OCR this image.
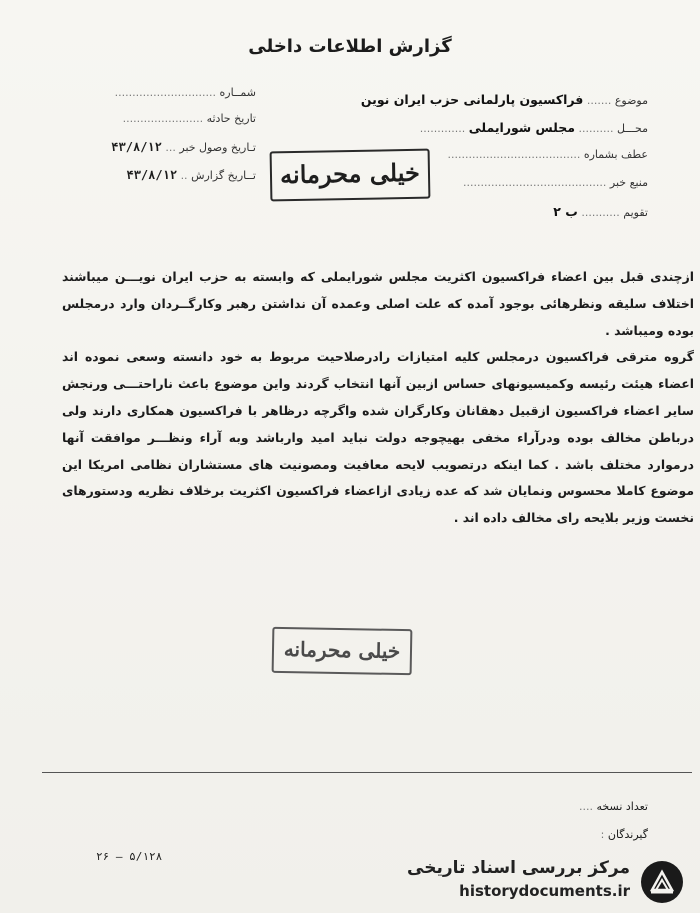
گزارش اطلاعات داخلی
موضوع ....... فراکسیون پارلمانی حزب ایران نوین
محـــل .......... مجلس شورایملی .............
عطف بشماره ......................................
منبع خبر .........................................
تقویم ........... ب ۲
شمــاره .............................
تاریخ حادثه .......................
تـاریخ وصول خبر ... ۴۳/۸/۱۲
تــاریخ گزارش .. ۴۳/۸/۱۲	خیلی محرمانه

ازچندی قبل بین اعضاء فراکسیون اکثریت مجلس شورایملی که وابسته به حزب ایران نویـــن میباشند اختلاف سلیقه ونظرهائی بوجود آمده که علت اصلی وعمده آن نداشتن رهبر وکارگــردان وارد درمجلس بوده ومیباشد .

گروه مترقی فراکسیون درمجلس کلیه امتیازات رادرصلاحیت مربوط به خود دانسته وسعی نموده اند اعضاء هیئت رئیسه وکمیسیونهای حساس ازبین آنها انتخاب گردند واین موضوع باعث ناراحتـــی ورنجش سایر اعضاء فراکسیون ازقبیل دهقانان وکارگران شده واگرچه درظاهر با فراکسیون همکاری دارند ولی درباطن مخالف بوده ودرآراء مخفی بهیچوجه دولت نباید امید وارباشد وبه آراء ونظـــر موافقت آنها درموارد مختلف باشد . کما اینکه درتصویب لایحه معافیت ومصونیت های مستشاران نظامی امریکا این موضوع کاملا محسوس ونمایان شد که عده زیادی ازاعضاء فراکسیون اکثریت برخلاف نظریه ودستورهای نخست وزیر بلایحه رای مخالف داده اند .

خیلی محرمانه
تعداد نسخه ....
گیرندگان :
۵/۱۲۸ – ۲۶
مرکز بررسی اسناد تاریخی
historydocuments.ir
